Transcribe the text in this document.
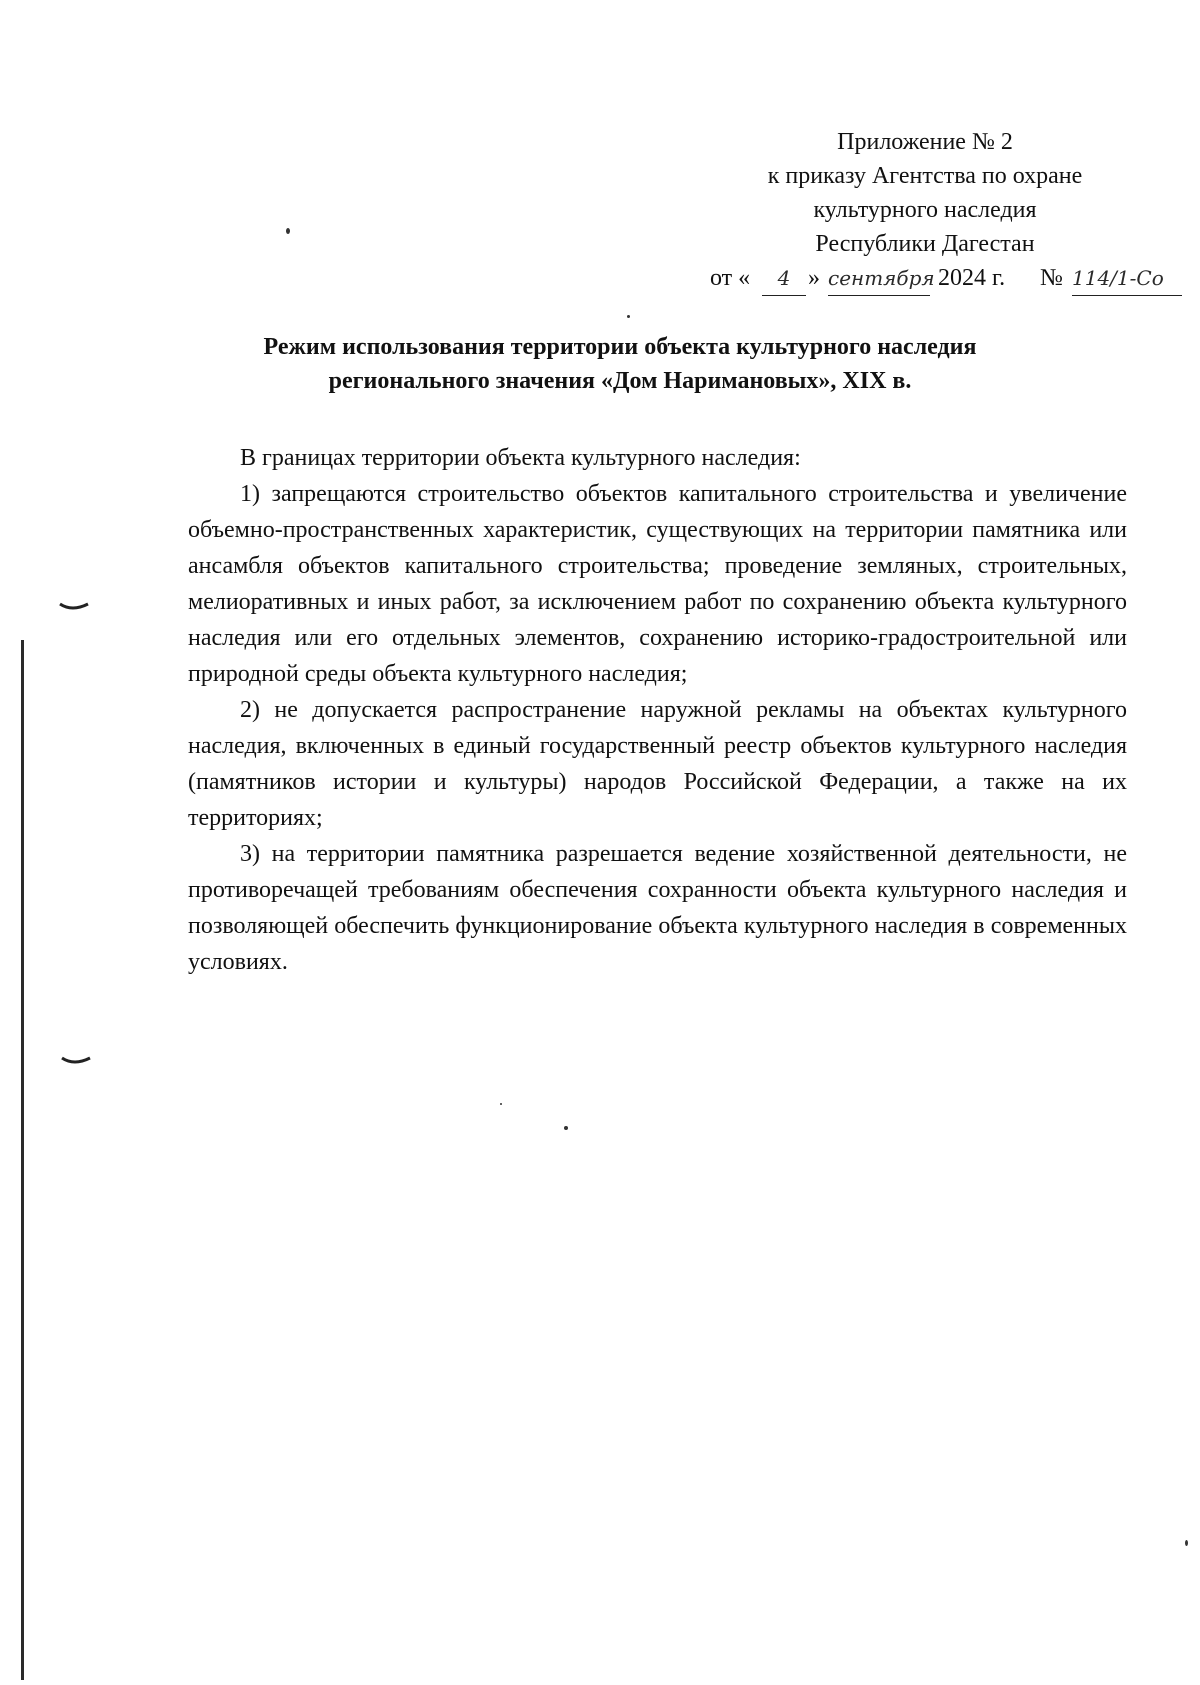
Приложение № 2
к приказу Агентства по охране
культурного наследия
Республики Дагестан
от «	4 » сентября 2024 г. № 114/1-Со
Режим использования территории объекта культурного наследия
регионального значения «Дом Наримановых», XIX в.

В границах территории объекта культурного наследия:

1) запрещаются строительство объектов капитального строительства и увеличение объемно-пространственных характеристик, существующих на территории памятника или ансамбля объектов капитального строительства; проведение земляных, строительных, мелиоративных и иных работ, за исключением работ по сохранению объекта культурного наследия или его отдельных элементов, сохранению историко-градостроительной или природной среды объекта культурного наследия;

2) не допускается распространение наружной рекламы на объектах культурного наследия, включенных в единый государственный реестр объектов культурного наследия (памятников истории и культуры) народов Российской Федерации, а также на их территориях;

3) на территории памятника разрешается ведение хозяйственной деятельности, не противоречащей требованиям обеспечения сохранности объекта культурного наследия и позволяющей обеспечить функционирование объекта культурного наследия в современных условиях.
